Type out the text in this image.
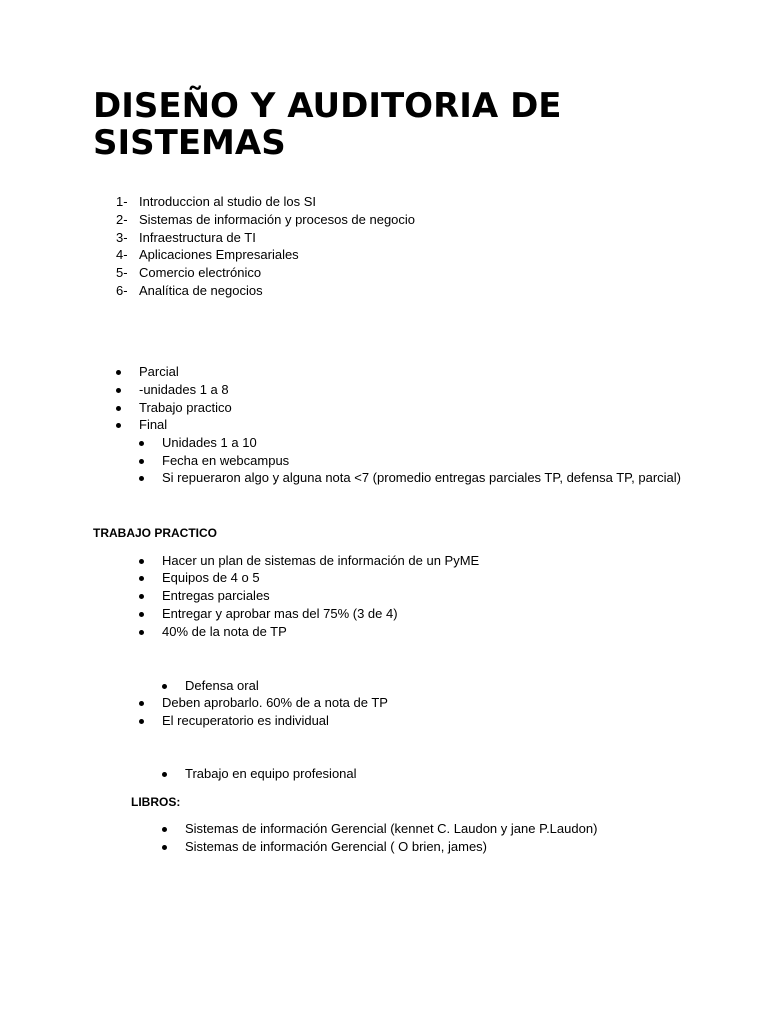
DISEÑO Y AUDITORIA DE SISTEMAS
1- Introduccion al studio de los SI
2- Sistemas de información y procesos de negocio
3- Infraestructura de TI
4- Aplicaciones Empresariales
5- Comercio electrónico
6- Analítica de negocios
Parcial
-unidades 1 a 8
Trabajo practico
Final
Unidades 1 a 10
Fecha en webcampus
Si repueraron algo y alguna nota <7 (promedio entregas parciales TP, defensa TP, parcial)
TRABAJO PRACTICO
Hacer un plan de sistemas de información de un PyME
Equipos de 4 o 5
Entregas parciales
Entregar y aprobar mas del 75% (3 de 4)
40% de la nota de TP
Defensa oral
Deben aprobarlo. 60% de a nota de TP
El recuperatorio es individual
Trabajo en equipo profesional
LIBROS:
Sistemas de información Gerencial (kennet C. Laudon y jane P.Laudon)
Sistemas de información Gerencial ( O brien, james)
